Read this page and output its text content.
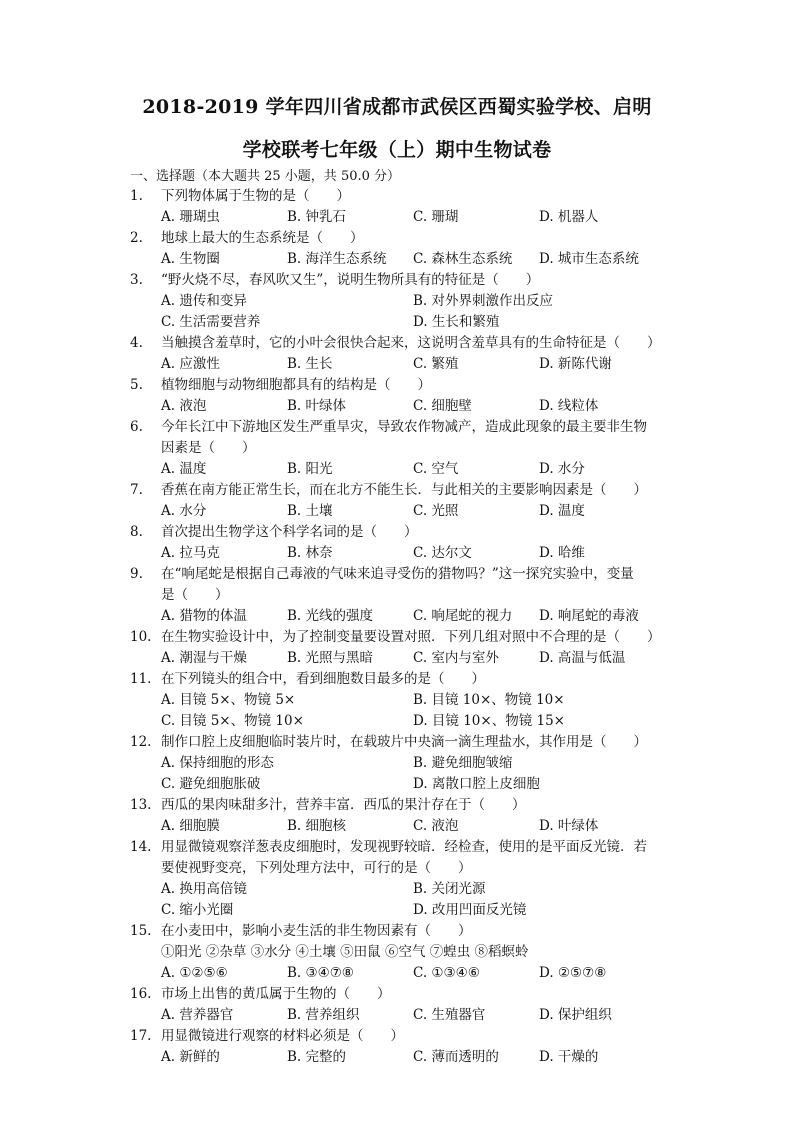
2018-2019 学年四川省成都市武侯区西蜀实验学校、启明
学校联考七年级（上）期中生物试卷
一、选择题（本大题共 25 小题，共 50.0 分）
1. 下列物体属于生物的是（　　）
A. 珊瑚虫	B. 钟乳石	C. 珊瑚	D. 机器人
2. 地球上最大的生态系统是（　　）
A. 生物圈	B. 海洋生态系统 C. 森林生态系统 D. 城市生态系统
3. “野火烧不尽，春风吹又生”，说明生物所具有的特征是（　　）
A. 遗传和变异	B. 对外界刺激作出反应
C. 生活需要营养	D. 生长和繁殖
4. 当触摸含羞草时，它的小叶会很快合起来，这说明含羞草具有的生命特征是（　　）
A. 应激性	B. 生长	C. 繁殖	D. 新陈代谢
5. 植物细胞与动物细胞都具有的结构是（　　）
A. 液泡	B. 叶绿体	C. 细胞壁	D. 线粒体
6. 今年长江中下游地区发生严重旱灾，导致农作物减产，造成此现象的最主要非生物
因素是（　　）
A. 温度	B. 阳光	C. 空气	D. 水分
7. 香蕉在南方能正常生长，而在北方不能生长．与此相关的主要影响因素是（　　）
A. 水分	B. 土壤	C. 光照	D. 温度
8. 首次提出生物学这个科学名词的是（　　）
A. 拉马克	B. 林奈	C. 达尔文	D. 哈维
9. 在“响尾蛇是根据自己毒液的气味来追寻受伤的猎物吗？”这一探究实验中，变量
是（　　）
A. 猎物的体温	B. 光线的强度	C. 响尾蛇的视力 D. 响尾蛇的毒液
10. 在生物实验设计中，为了控制变量要设置对照．下列几组对照中不合理的是（　　）
A. 潮湿与干燥	B. 光照与黑暗	C. 室内与室外	D. 高温与低温
11. 在下列镜头的组合中，看到细胞数目最多的是（　　）
A. 目镜 5×、物镜 5×	B. 目镜 10×、物镜 10×
C. 目镜 5×、物镜 10×	D. 目镜 10×、物镜 15×
12. 制作口腔上皮细胞临时装片时，在载玻片中央滴一滴生理盐水，其作用是（　　）
A. 保持细胞的形态	B. 避免细胞皱缩
C. 避免细胞胀破	D. 离散口腔上皮细胞
13. 西瓜的果肉味甜多汁，营养丰富．西瓜的果汁存在于（　　）
A. 细胞膜	B. 细胞核	C. 液泡	D. 叶绿体
14. 用显微镜观察洋葱表皮细胞时，发现视野较暗．经检查，使用的是平面反光镜．若
要使视野变亮，下列处理方法中，可行的是（　　）
A. 换用高倍镜	B. 关闭光源
C. 缩小光圈	D. 改用凹面反光镜
15. 在小麦田中，影响小麦生活的非生物因素有（　　）
①阳光 ②杂草 ③水分 ④土壤 ⑤田鼠 ⑥空气 ⑦蝗虫 ⑧稻螟蛉
A. ①②⑤⑥	B. ③④⑦⑧	C. ①③④⑥	D. ②⑤⑦⑧
16. 市场上出售的黄瓜属于生物的（　　）
A. 营养器官	B. 营养组织	C. 生殖器官	D. 保护组织
17. 用显微镜进行观察的材料必须是（　　）
A. 新鲜的	B. 完整的	C. 薄而透明的	D. 干燥的
